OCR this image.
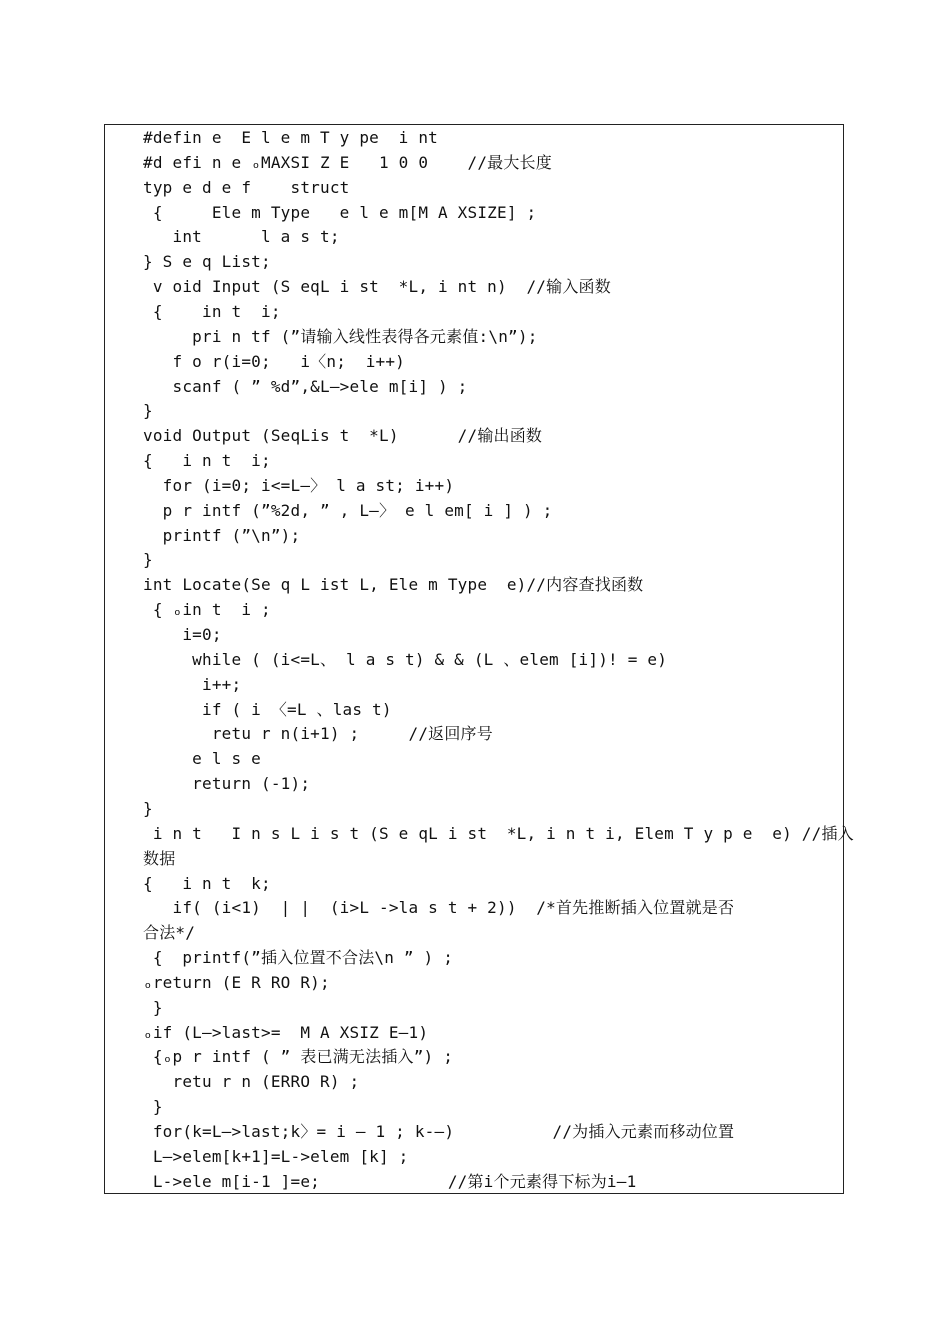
#defin e  E l e m T y pe  i nt
#d efi n e ₒMAXSI Z E   1 0 0    //最大长度
typ e d e f    struct
{     Ele m Type   e l e m[M A XSIZE] ;
int      l a s t;
} S e q List;
v oid Input (S eqL i st  *L, i nt n)  //输入函数
{    in t  i;
pri n tf (”请输入线性表得各元素值:\n”);
f o r(i=0;   i〈n;  i++)
scanf ( ” %d”,&L—>ele m[i] ) ;
}
void Output (SeqLis t  *L)      //输出函数
{   i n t  i;
for (i=0; i<=L—〉 l a st; i++)
p r intf (”%2d, ” , L—〉 e l em[ i ] ) ;
printf (”\n”);
}
int Locate(Se q L ist L, Ele m Type  e)//内容查找函数
{ ₒin t  i ;
i=0;
while ( (i<=L、 l a s t) & & (L 、elem [i])! = e)
i++;
if ( i 〈=L 、las t)
retu r n(i+1) ;     //返回序号
e l s e
return (-1);
}
i n t   I n s L i s t (S e qL i st  *L, i n t i, Elem T y p e  e) //插入
数据
{   i n t  k;
if( (i<1)  | |  (i>L ->la s t + 2))  /*首先推断插入位置就是否
合法*/
{  printf(”插入位置不合法\n ” ) ;
ₒreturn (E R RO R);
}
ₒif (L—>last>=  M A XSIZ E—1)
{ₒp r intf ( ” 表已满无法插入”) ;
retu r n (ERRO R) ;
}
for(k=L—>last;k〉= i — 1 ; k-—)          //为插入元素而移动位置
L—>elem[k+1]=L->elem [k] ;
L->ele m[i-1 ]=e;             //第i个元素得下标为i—1
